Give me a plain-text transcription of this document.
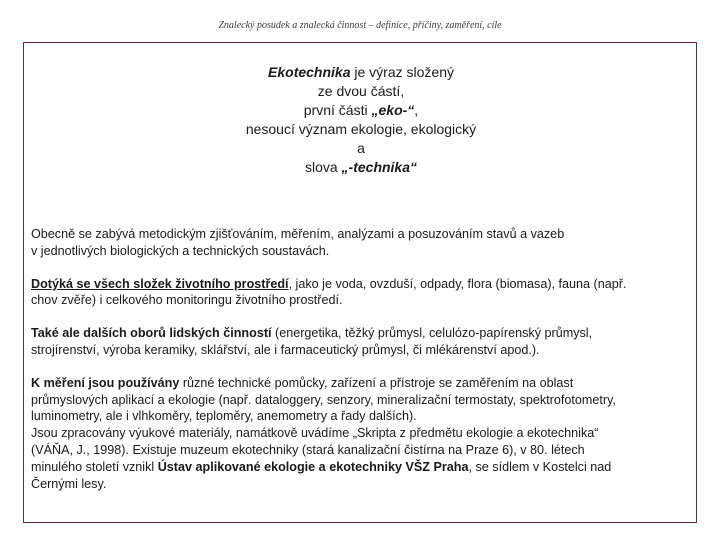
Znalecký posudek a znalecká činnost – definice, příčiny, zaměření, cíle
Ekotechnika je výraz složený
ze dvou částí,
první části „eko-“,
nesoucí význam ekologie, ekologický
a
slova „-technika“
Obecně se zabývá metodickým zjišťováním, měřením, analýzami a posuzováním stavů a vazeb
v jednotlivých biologických a technických soustavách.
Dotýká se všech složek životního prostředí, jako je voda, ovzduší, odpady, flora (biomasa), fauna (např.
chov zvěře) i celkového monitoringu životního prostředí.
Také ale dalších oborů lidských činností (energetika, těžký průmysl, celulózo-papírenský průmysl,
strojírenství, výroba keramiky, sklářství, ale i farmaceutický průmysl, či mlékárenství apod.).
K měření jsou používány různé technické pomůcky, zařízení a přístroje se zaměřením na oblast
průmyslových aplikací a ekologie (např. dataloggery, senzory, mineralizační termostaty, spektrofotometry,
luminometry, ale i vlhkoměry, teploměry, anemometry a řady dalších).
Jsou zpracovány výukové materiály, namátkově uvádíme „Skripta z předmětu ekologie a ekotechnika“
(VÁŇA, J., 1998). Existuje muzeum ekotechniky (stará kanalizační čistírna na Praze 6), v 80. létech
minulého století vznikl Ústav aplikované ekologie a ekotechniky VŠZ Praha, se sídlem v Kostelci nad
Černými lesy.
